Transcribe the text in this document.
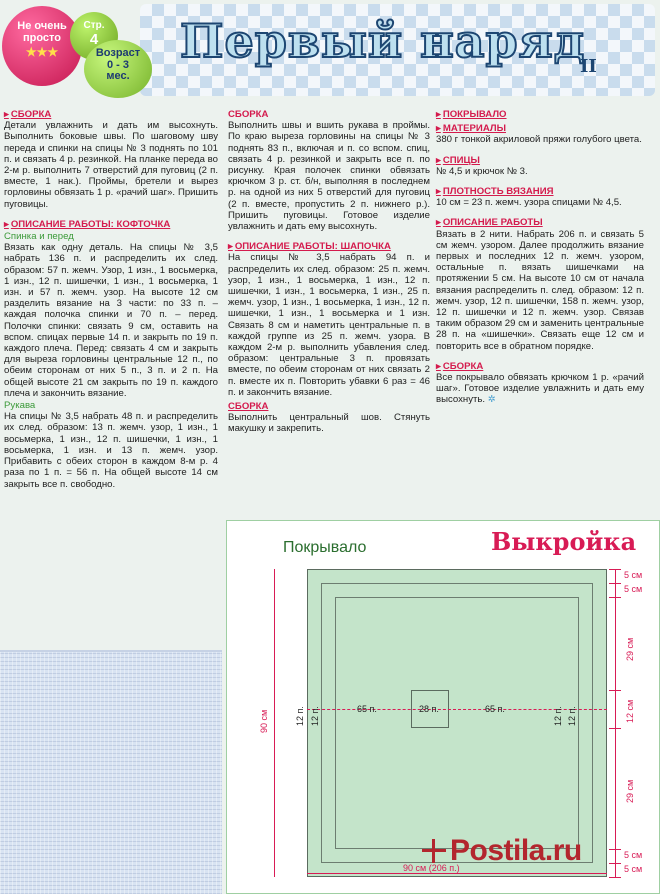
Первый наряд
II
Не очень просто
★★★
Стр.
4
Возраст
0 - 3
мес.
▸ СБОРКА
Детали увлажнить и дать им высохнуть. Выполнить боковые швы. По шаговому шву переда и спинки на спицы № 3 поднять по 101 п. и связать 4 р. резинкой. На планке переда во 2-м р. выполнить 7 отверстий для пуговиц (2 п. вместе, 1 нак.). Проймы, бретели и вырез горловины обвязать 1 р. «рачий шаг». Пришить пуговицы.
▸ ОПИСАНИЕ РАБОТЫ: КОФТОЧКА
Спинка и перед
Вязать как одну деталь. На спицы № 3,5 набрать 136 п. и распределить их след. образом: 57 п. жемч. Узор, 1 изн., 1 восьмерка, 1 изн., 12 п. шишечки, 1 изн., 1 восьмерка, 1 изн. и 57 п. жемч. узор. На высоте 12 см разделить вязание на 3 части: по 33 п. – каждая полочка спинки и 70 п. – перед. Полочки спинки: связать 9 см, оставить на вспом. спицах первые 14 п. и закрыть по 19 п. каждого плеча. Перед: связать 4 см и закрыть для выреза горловины центральные 12 п., по обеим сторонам от них 5 п., 3 п. и 2 п. На общей высоте 21 см закрыть по 19 п. каждого плеча и закончить вязание.
Рукава
На спицы № 3,5 набрать 48 п. и распределить их след. образом: 13 п. жемч. узор, 1 изн., 1 восьмерка, 1 изн., 12 п. шишечки, 1 изн., 1 восьмерка, 1 изн. и 13 п. жемч. узор. Прибавить с обеих сторон в каждом 8-м р. 4 раза по 1 п. = 56 п. На общей высоте 14 см закрыть все п. свободно.
СБОРКА
Выполнить швы и вшить рукава в проймы. По краю выреза горловины на спицы № 3 поднять 83 п., включая и п. со вспом. спиц, связать 4 р. резинкой и закрыть все п. по рисунку. Края полочек спинки обвязать крючком 3 р. ст. б/н, выполняя в последнем р. на одной из них 5 отверстий для пуговиц (2 п. вместе, пропустить 2 п. нижнего р.). Пришить пуговицы. Готовое изделие увлажнить и дать ему высохнуть.
▸ ОПИСАНИЕ РАБОТЫ: ШАПОЧКА
На спицы № 3,5 набрать 94 п. и распределить их след. образом: 25 п. жемч. узор, 1 изн., 1 восьмерка, 1 изн., 12 п. шишечки, 1 изн., 1 восьмерка, 1 изн., 25 п. жемч. узор, 1 изн., 1 восьмерка, 1 изн., 12 п. шишечки, 1 изн., 1 восьмерка и 1 изн. Связать 8 см и наметить центральные п. в каждой группе из 25 п. жемч. узора. В каждом 2-м р. выполнить убавления след. образом: центральные 3 п. провязать вместе, по обеим сторонам от них связать 2 п. вместе их п. Повторить убавки 6 раз = 46 п. и закончить вязание.
СБОРКА
Выполнить центральный шов. Стянуть макушку и закрепить.
▸ ПОКРЫВАЛО
▸ МАТЕРИАЛЫ
380 г тонкой акриловой пряжи голубого цвета.
▸ СПИЦЫ
№ 4,5 и крючок № 3.
▸ ПЛОТНОСТЬ ВЯЗАНИЯ
10 см = 23 п. жемч. узора спицами № 4,5.
▸ ОПИСАНИЕ РАБОТЫ
Вязать в 2 нити. Набрать 206 п. и связать 5 см жемч. узором. Далее продолжить вязание первых и последних 12 п. жемч. узором, остальные п. вязать шишечками на протяжении 5 см. На высоте 10 см от начала вязания распределить п. след. образом: 12 п. жемч. узор, 12 п. шишечки, 158 п. жемч. узор, 12 п. шишечки и 12 п. жемч. узор. Связав таким образом 29 см и заменить центральные 28 п. на «шишечки». Связать еще 12 см и повторить все в обратном порядке.
▸ СБОРКА
Все покрывало обвязать крючком 1 р. «рачий шаг». Готовое изделие увлажнить и дать ему высохнуть. ✲
Покрывало	Выкройка
65 п.	28 п.	65 п.
12 п. 12 п.	12 п. 12 п.
90 см
90 см (206 п.)
5 см
5 см
29 см
12 см
29 см
5 см
5 см
Postila.ru
